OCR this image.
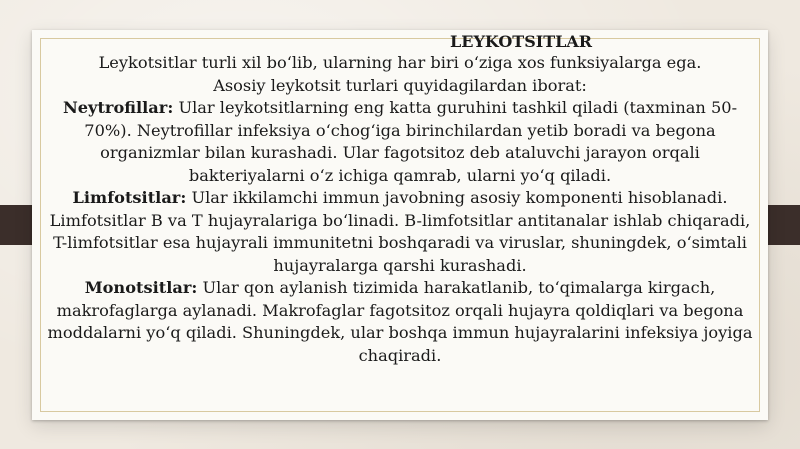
LEYKOTSITLAR

Leykotsitlar turli xil bo‘lib, ularning har biri o‘ziga xos funksiyalarga ega.

Asosiy leykotsit turlari quyidagilardan iborat:

Neytrofillar: Ular leykotsitlarning eng katta guruhini tashkil qiladi (taxminan 50-70%). Neytrofillar infeksiya o‘chog‘iga birinchilardan yetib boradi va begona organizmlar bilan kurashadi. Ular fagotsitoz deb ataluvchi jarayon orqali bakteriyalarni o‘z ichiga qamrab, ularni yo‘q qiladi.

Limfotsitlar: Ular ikkilamchi immun javobning asosiy komponenti hisoblanadi. Limfotsitlar B va T hujayralariga bo‘linadi. B-limfotsitlar antitanalar ishlab chiqaradi, T-limfotsitlar esa hujayrali immunitetni boshqaradi va viruslar, shuningdek, o‘simtali hujayralarga qarshi kurashadi.

Monotsitlar: Ular qon aylanish tizimida harakatlanib, to‘qimalarga kirgach, makrofaglarga aylanadi. Makrofaglar fagotsitoz orqali hujayra qoldiqlari va begona moddalarni yo‘q qiladi. Shuningdek, ular boshqa immun hujayralarini infeksiya joyiga chaqiradi.
